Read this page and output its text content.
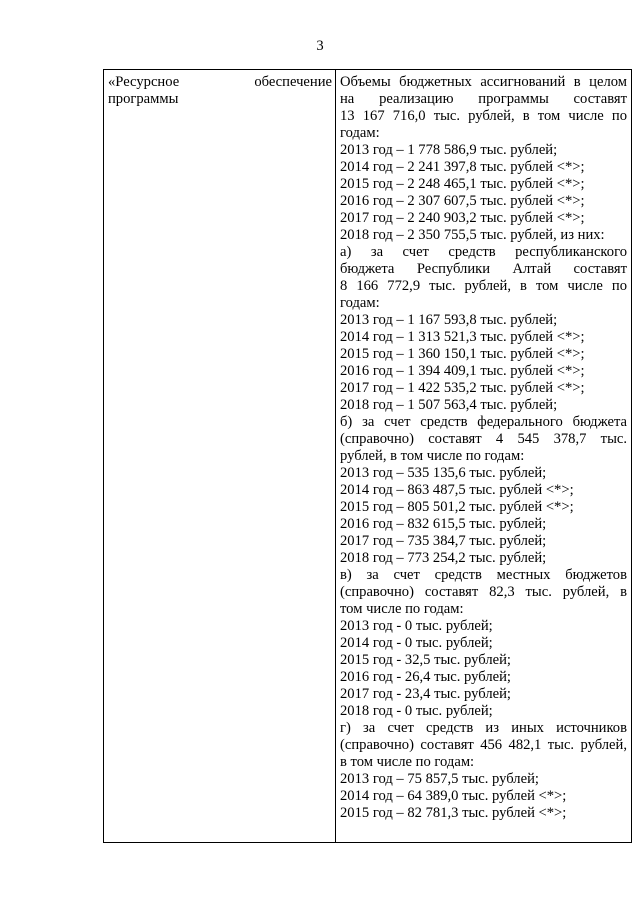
3
«Ресурсное обеспечение
программы

Объемы бюджетных ассигнований в целом
на реализацию программы составят
13 167 716,0 тыс. рублей, в том числе по
годам:
2013 год – 1 778 586,9 тыс. рублей;
2014 год – 2 241 397,8 тыс. рублей <*>;
2015 год – 2 248 465,1 тыс. рублей <*>;
2016 год – 2 307 607,5 тыс. рублей <*>;
2017 год – 2 240 903,2 тыс. рублей <*>;
2018 год – 2 350 755,5 тыс. рублей, из них:
а) за счет средств республиканского
бюджета Республики Алтай составят
8 166 772,9 тыс. рублей, в том числе по
годам:
2013 год – 1 167 593,8 тыс. рублей;
2014 год – 1 313 521,3 тыс. рублей <*>;
2015 год – 1 360 150,1 тыс. рублей <*>;
2016 год – 1 394 409,1 тыс. рублей <*>;
2017 год – 1 422 535,2 тыс. рублей <*>;
2018 год – 1 507 563,4 тыс. рублей;
б) за счет средств федерального бюджета
(справочно) составят 4 545 378,7 тыс.
рублей, в том числе по годам:
2013 год – 535 135,6 тыс. рублей;
2014 год – 863 487,5 тыс. рублей <*>;
2015 год – 805 501,2 тыс. рублей <*>;
2016 год – 832 615,5 тыс. рублей;
2017 год – 735 384,7 тыс. рублей;
2018 год – 773 254,2 тыс. рублей;
в) за счет средств местных бюджетов
(справочно) составят 82,3 тыс. рублей, в
том числе по годам:
2013 год - 0 тыс. рублей;
2014 год - 0 тыс. рублей;
2015 год - 32,5 тыс. рублей;
2016 год - 26,4 тыс. рублей;
2017 год - 23,4 тыс. рублей;
2018 год - 0 тыс. рублей;
г) за счет средств из иных источников
(справочно) составят 456 482,1 тыс. рублей,
в том числе по годам:
2013 год – 75 857,5 тыс. рублей;
2014 год – 64 389,0 тыс. рублей <*>;
2015 год – 82 781,3 тыс. рублей <*>;
